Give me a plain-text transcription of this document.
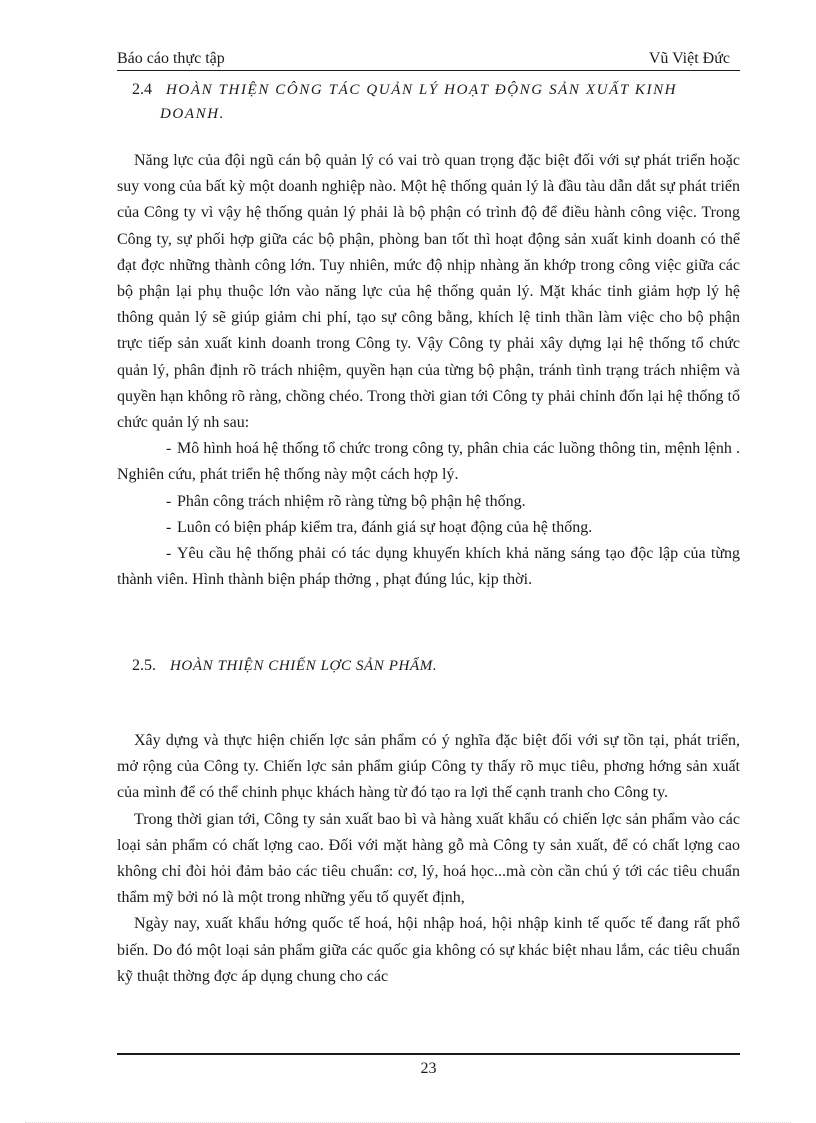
Báo cáo thực tập	Vũ Việt Đức
2.4 HOÀN THIỆN CÔNG TÁC QUẢN LÝ HOẠT ĐỘNG SẢN XUẤT KINH
DOANH.

Năng lực của đội ngũ cán bộ quản lý có vai trò quan trọng đặc biệt đối với sự phát triển hoặc suy vong của bất kỳ một doanh nghiệp nào. Một hệ thống quản lý là đầu tàu dẫn dắt sự phát triển của Công ty vì vậy hệ thống quản lý phải là bộ phận có trình độ để điều hành công việc. Trong Công ty, sự phối hợp giữa các bộ phận, phòng ban tốt thì hoạt động sản xuất kinh doanh có thể đạt đợc những thành công lớn. Tuy nhiên, mức độ nhịp nhàng ăn khớp trong công việc giữa các bộ phận lại phụ thuộc lớn vào năng lực của hệ thống quản lý. Mặt khác tinh giảm hợp lý hệ thông quản lý sẽ giúp giảm chi phí, tạo sự công bằng, khích lệ tinh thần làm việc cho bộ phận trực tiếp sản xuất kinh doanh trong Công ty. Vậy Công ty phải xây dựng lại hệ thống tổ chức quản lý, phân định rõ trách nhiệm, quyền hạn của từng bộ phận, tránh tình trạng trách nhiệm và quyền hạn không rõ ràng, chồng chéo. Trong thời gian tới Công ty phải chỉnh đốn lại hệ thống tổ chức quản lý nh sau:

- Mô hình hoá hệ thống tổ chức trong công ty, phân chia các luồng thông tin, mệnh lệnh . Nghiên cứu, phát triển hệ thống này một cách hợp lý.

- Phân công trách nhiệm rõ ràng từng bộ phận hệ thống.

- Luôn có biện pháp kiểm tra, đánh giá sự hoạt động của hệ thống.

- Yêu cầu hệ thống phải có tác dụng khuyến khích khả năng sáng tạo độc lập của từng thành viên. Hình thành biện pháp thởng , phạt đúng lúc, kịp thời.

2.5. HOÀN THIỆN CHIẾN LỢC SẢN PHẨM.

Xây dựng và thực hiện chiến lợc sản phẩm có ý nghĩa đặc biệt đối với sự tồn tại, phát triển, mở rộng của Công ty. Chiến lợc sản phẩm giúp Công ty thấy rõ mục tiêu, phơng hớng sản xuất của mình để có thể chinh phục khách hàng từ đó tạo ra lợi thế cạnh tranh cho Công ty.

Trong thời gian tới, Công ty sản xuất bao bì và hàng xuất khẩu có chiến lợc sản phẩm vào các loại sản phẩm có chất lợng cao. Đối với mặt hàng gỗ mà Công ty sản xuất, để có chất lợng cao không chỉ đòi hỏi đảm bảo các tiêu chuẩn: cơ, lý, hoá học...mà còn cần chú ý tới các tiêu chuẩn thẩm mỹ bởi nó là một trong những yếu tố quyết định,

Ngày nay, xuất khẩu hớng quốc tế hoá, hội nhập hoá, hội nhập kinh tế quốc tế đang rất phổ biến. Do đó một loại sản phẩm giữa các quốc gia không có sự khác biệt nhau lắm, các tiêu chuẩn kỹ thuật thờng đợc áp dụng chung cho các

23
